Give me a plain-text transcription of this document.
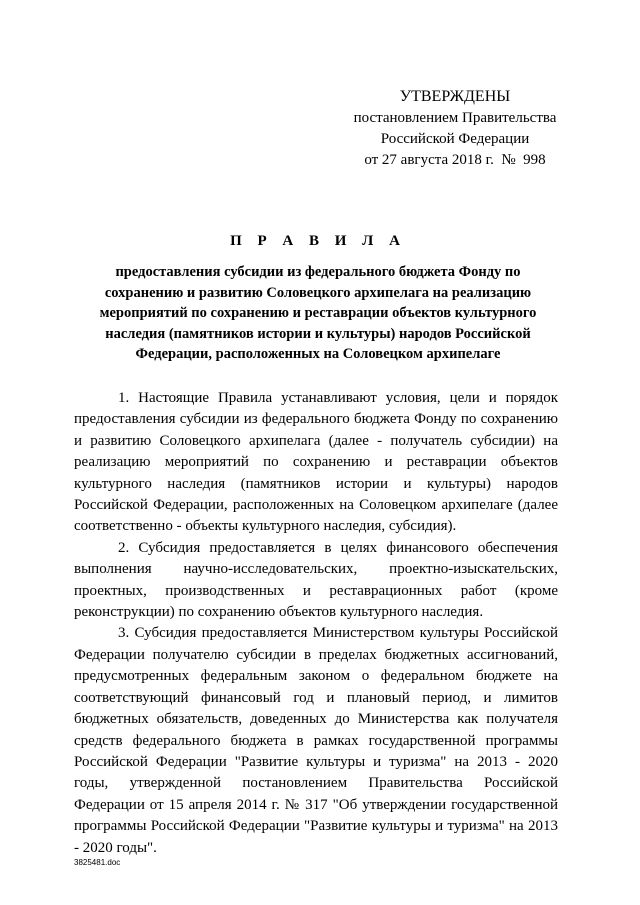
УТВЕРЖДЕНЫ
постановлением Правительства
Российской Федерации
от 27 августа 2018 г.  №  998
П Р А В И Л А
предоставления субсидии из федерального бюджета Фонду по сохранению и развитию Соловецкого архипелага на реализацию мероприятий по сохранению и реставрации объектов культурного наследия (памятников истории и культуры) народов Российской Федерации, расположенных на Соловецком архипелаге

1. Настоящие Правила устанавливают условия, цели и порядок предоставления субсидии из федерального бюджета Фонду по сохранению и развитию Соловецкого архипелага (далее - получатель субсидии) на реализацию мероприятий по сохранению и реставрации объектов культурного наследия (памятников истории и культуры) народов Российской Федерации, расположенных на Соловецком архипелаге (далее соответственно - объекты культурного наследия, субсидия).

2. Субсидия предоставляется в целях финансового обеспечения выполнения научно-исследовательских, проектно-изыскательских, проектных, производственных и реставрационных работ (кроме реконструкции) по сохранению объектов культурного наследия.

3. Субсидия предоставляется Министерством культуры Российской Федерации получателю субсидии в пределах бюджетных ассигнований, предусмотренных федеральным законом о федеральном бюджете на соответствующий финансовый год и плановый период, и лимитов бюджетных обязательств, доведенных до Министерства как получателя средств федерального бюджета в рамках государственной программы Российской Федерации "Развитие культуры и туризма" на 2013 - 2020 годы, утвержденной постановлением Правительства Российской Федерации от 15 апреля 2014 г. № 317 "Об утверждении государственной программы Российской Федерации "Развитие культуры и туризма" на 2013 - 2020 годы".

3825481.doc
